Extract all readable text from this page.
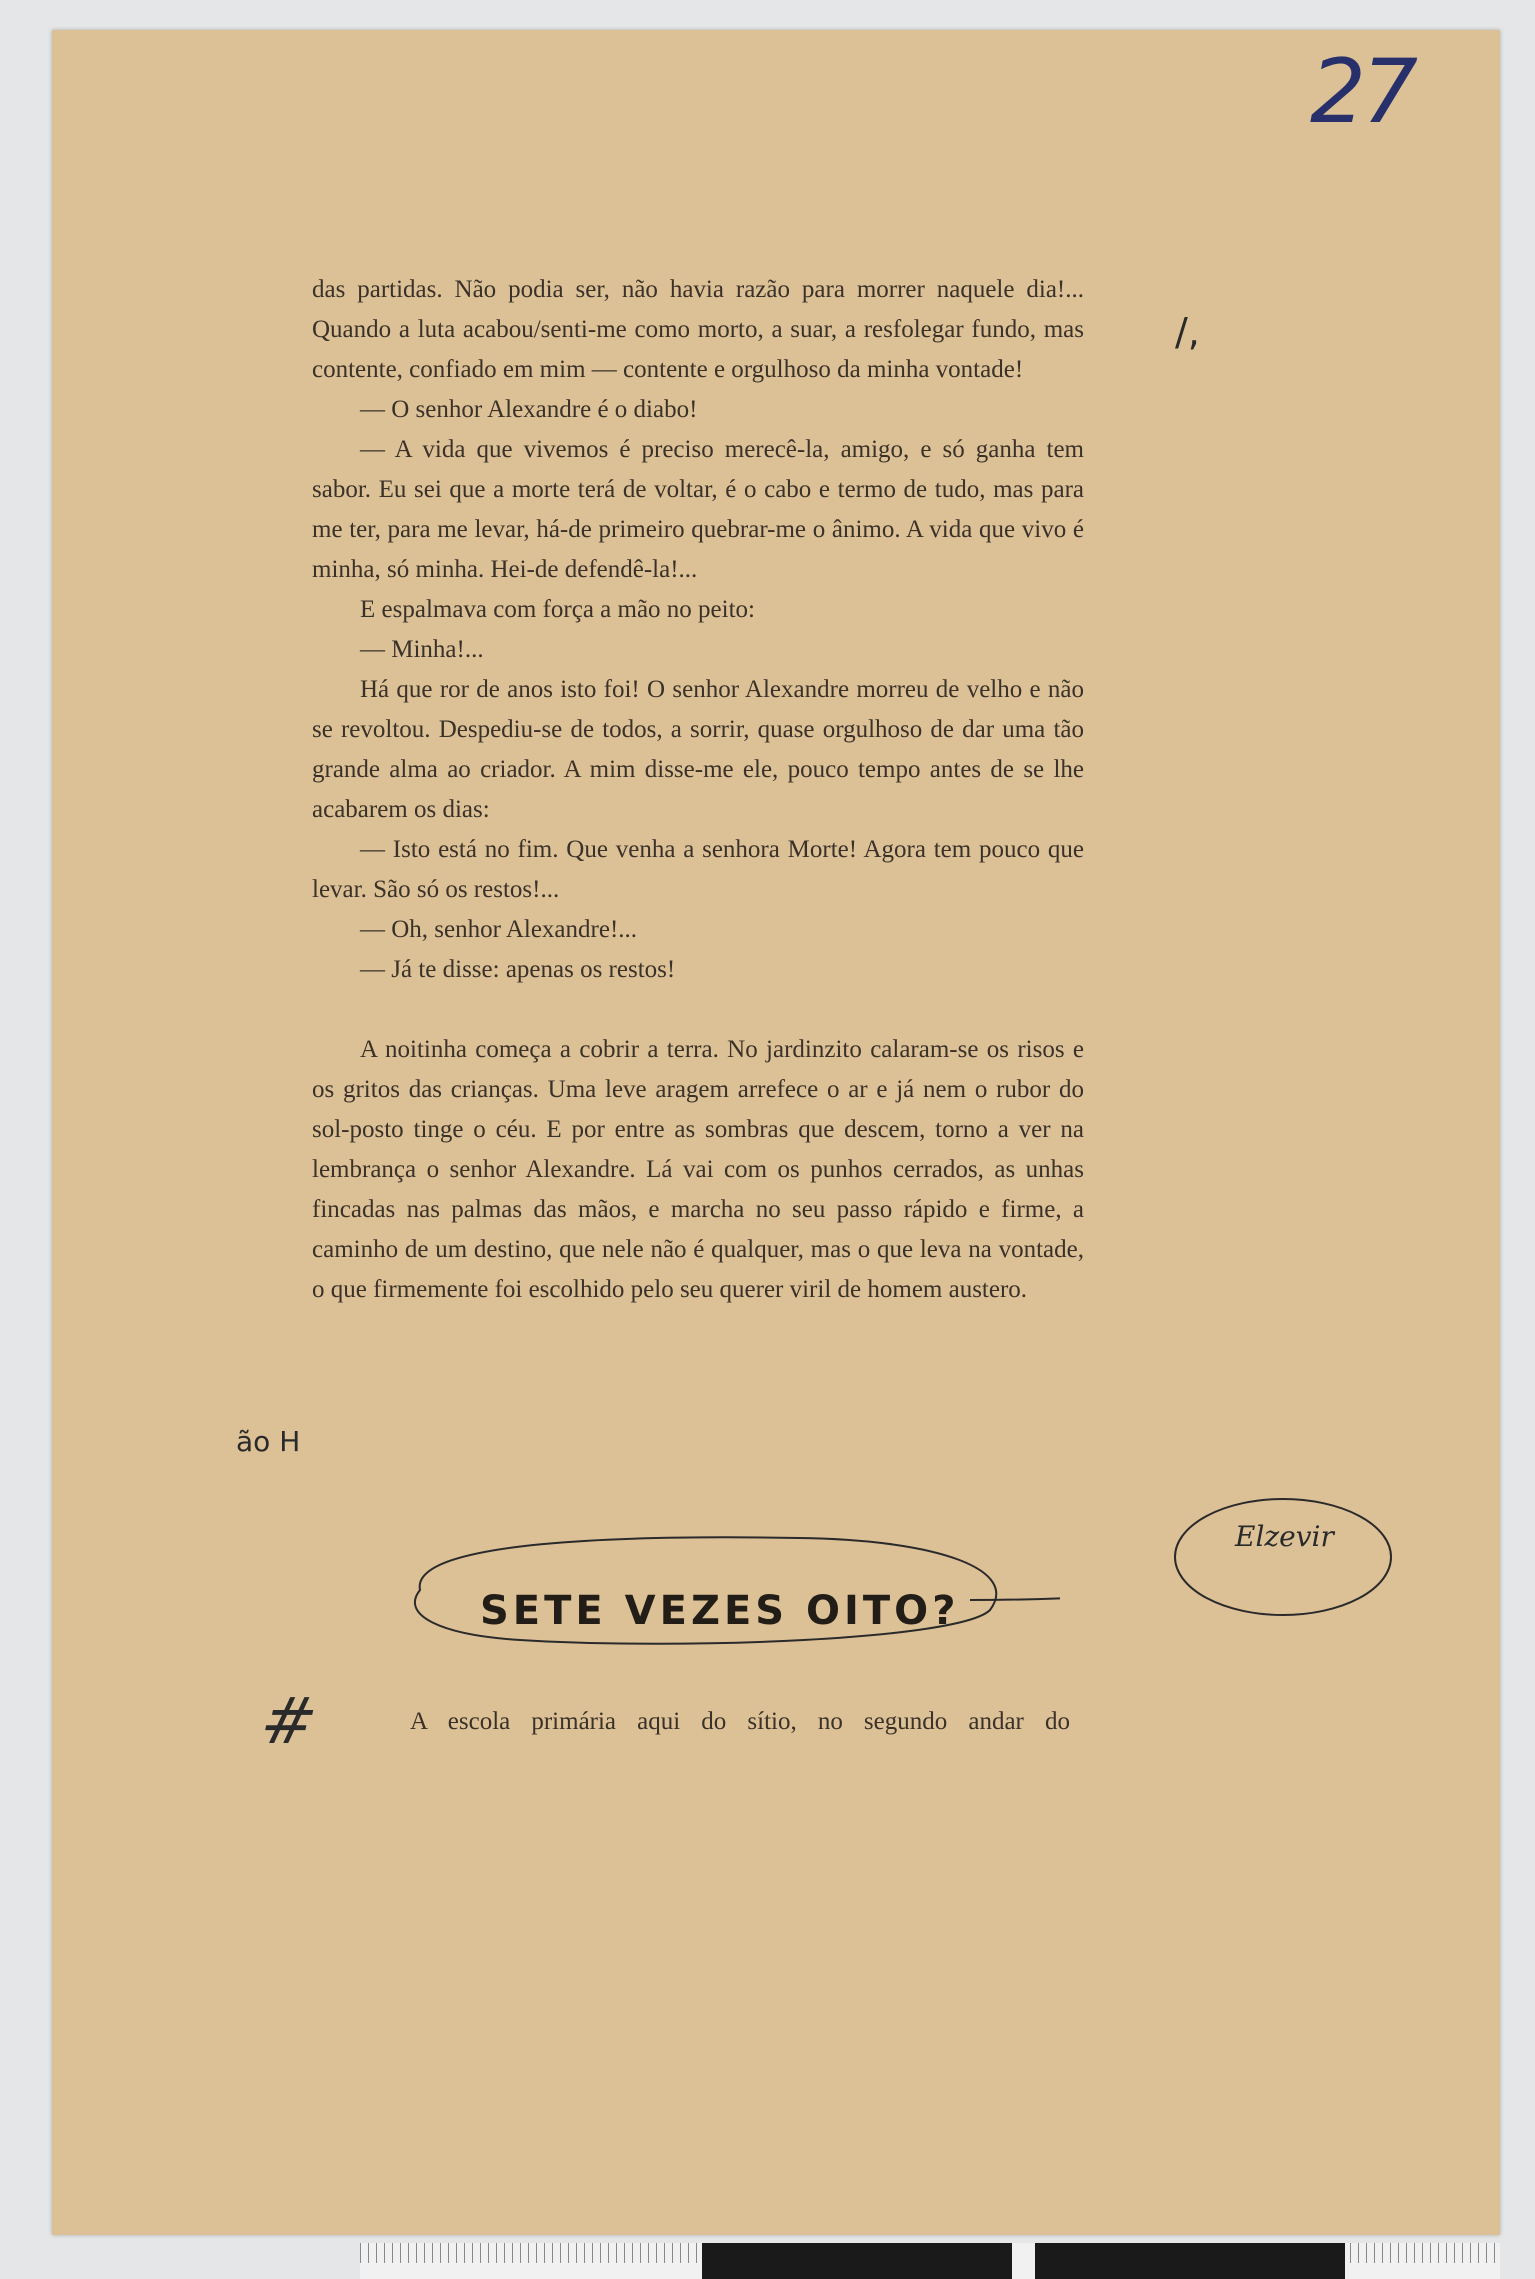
27

das partidas. Não podia ser, não havia razão para morrer naquele dia!... Quando a luta acabou/senti-me como morto, a suar, a resfolegar fundo, mas contente, confiado em mim — contente e orgulhoso da minha vontade!

— O senhor Alexandre é o diabo!

— A vida que vivemos é preciso merecê-la, amigo, e só ganha tem sabor. Eu sei que a morte terá de voltar, é o cabo e termo de tudo, mas para me ter, para me levar, há-de primeiro quebrar-me o ânimo. A vida que vivo é minha, só minha. Hei-de defendê-la!...

E espalmava com força a mão no peito:

— Minha!...

Há que ror de anos isto foi! O senhor Alexandre morreu de velho e não se revoltou. Despediu-se de todos, a sorrir, quase orgulhoso de dar uma tão grande alma ao criador. A mim disse-me ele, pouco tempo antes de se lhe acabarem os dias:

— Isto está no fim. Que venha a senhora Morte! Agora tem pouco que levar. São só os restos!...

— Oh, senhor Alexandre!...

— Já te disse: apenas os restos!

A noitinha começa a cobrir a terra. No jardinzito calaram-se os risos e os gritos das crianças. Uma leve aragem arrefece o ar e já nem o rubor do sol-posto tinge o céu. E por entre as sombras que descem, torno a ver na lembrança o senhor Alexandre. Lá vai com os punhos cerrados, as unhas fincadas nas palmas das mãos, e marcha no seu passo rápido e firme, a caminho de um destino, que nele não é qualquer, mas o que leva na vontade, o que firmemente foi escolhido pelo seu querer viril de homem austero.

/,
ão H
SETE VEZES OITO?
Elzevir
#	A escola primária aqui do sítio, no segundo andar do
